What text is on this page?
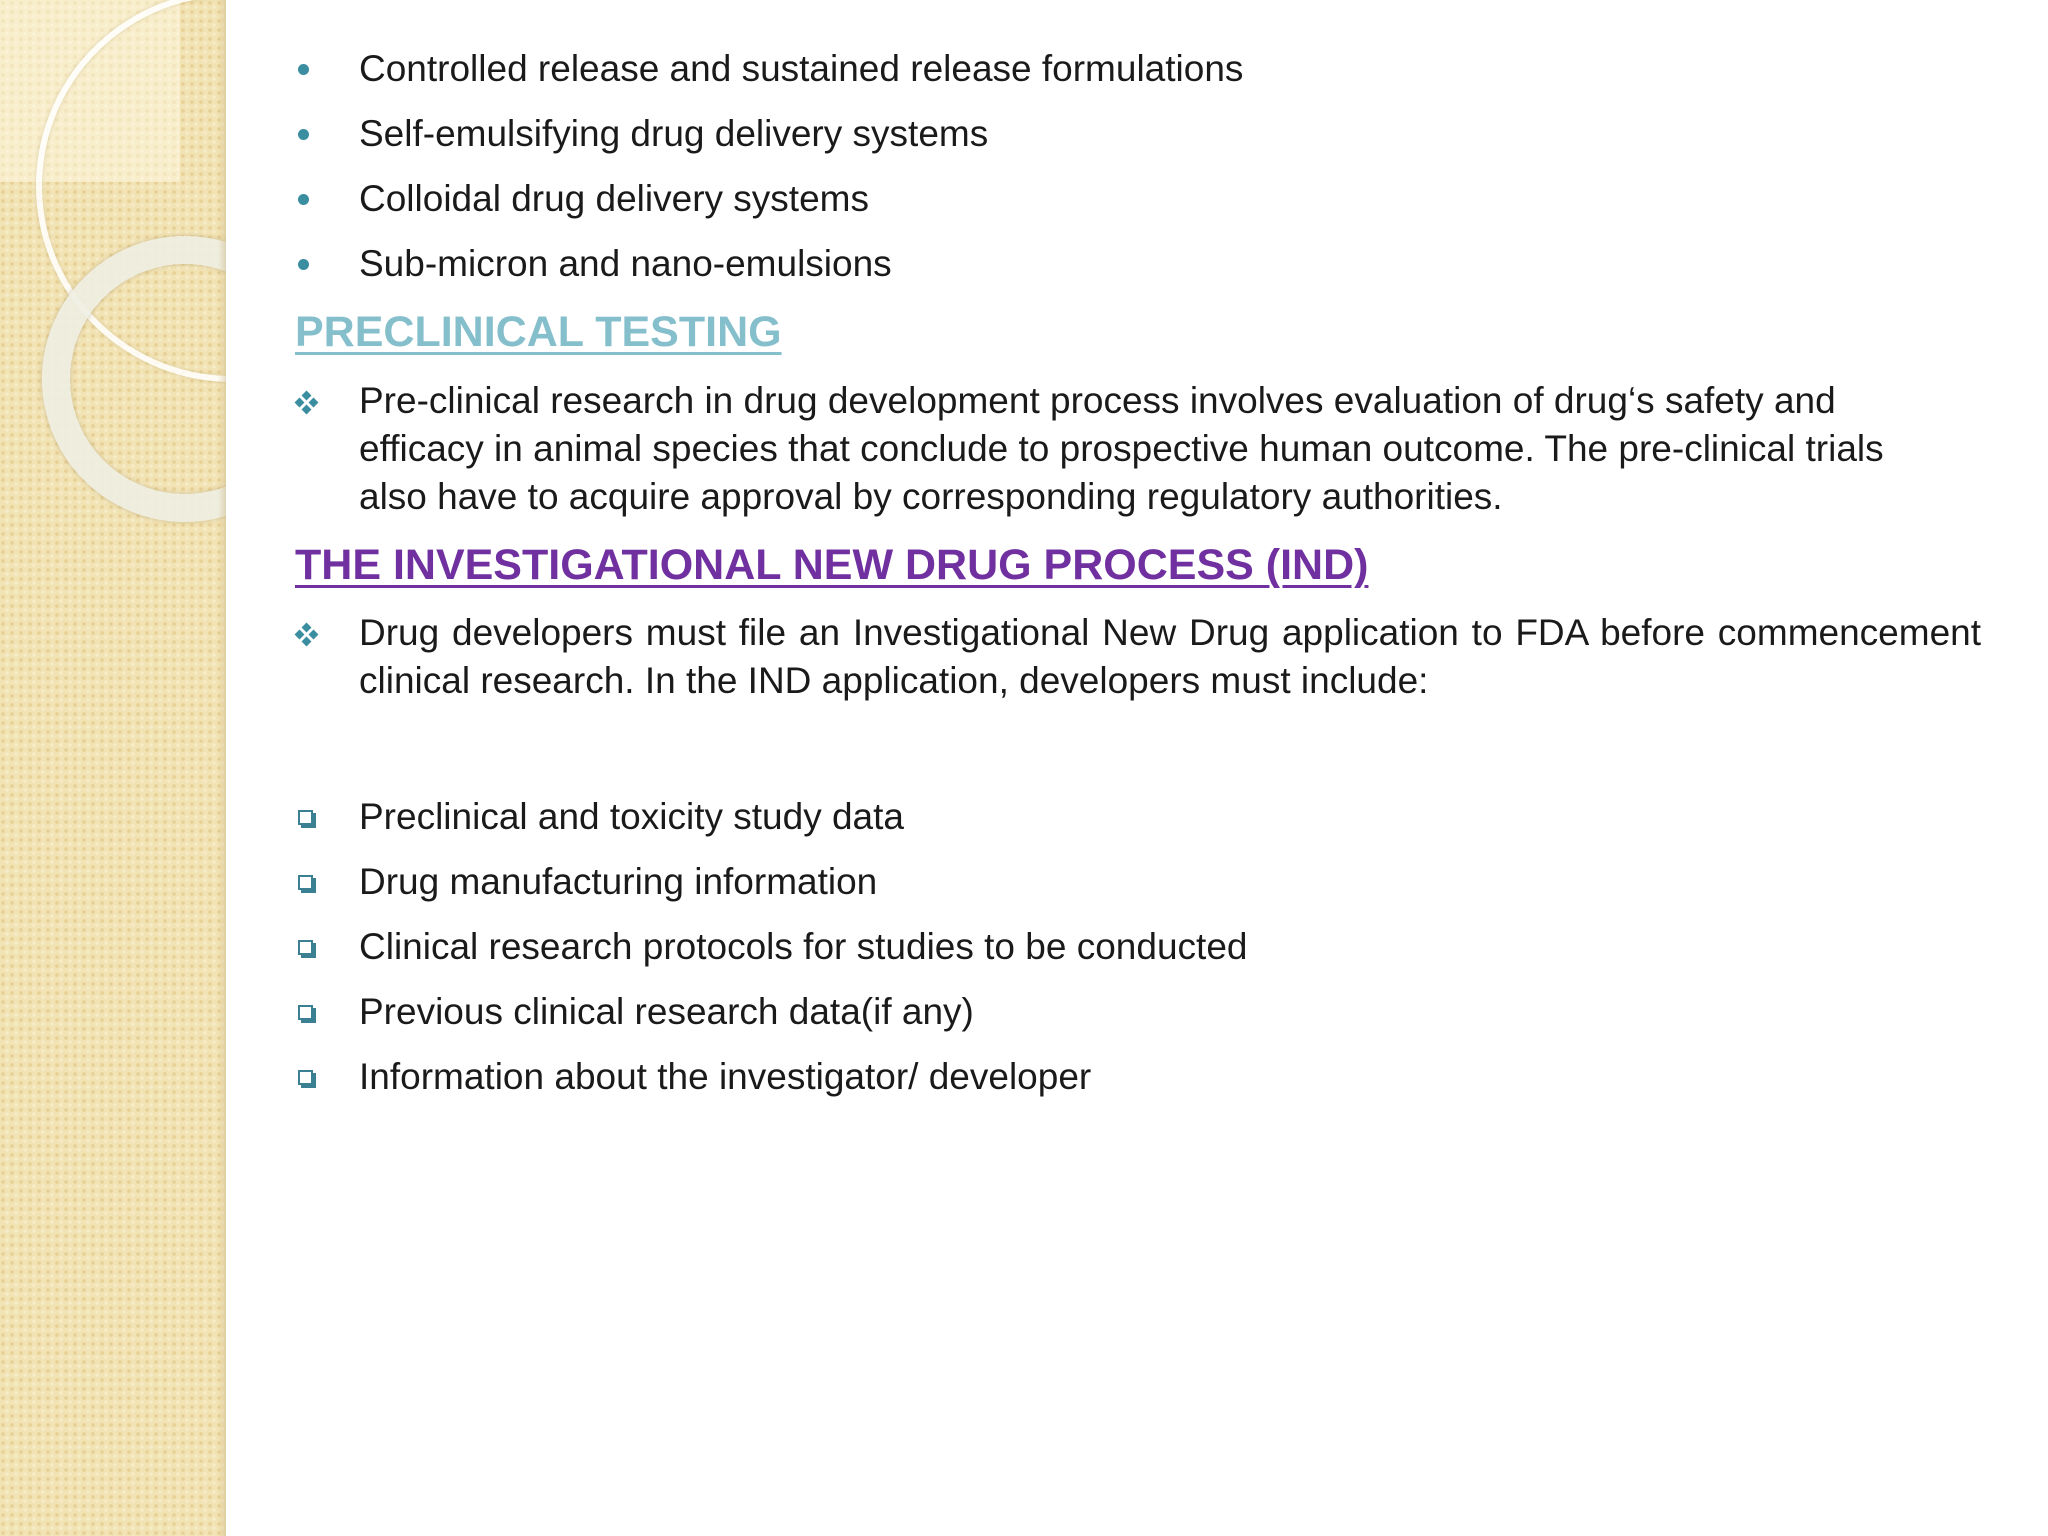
Controlled release and sustained release formulations
Self-emulsifying drug delivery systems
Colloidal drug delivery systems
Sub-micron and nano-emulsions
PRECLINICAL TESTING
Pre-clinical research in drug development process involves evaluation of drug‘s safety and efficacy in animal species that conclude to prospective human outcome. The pre-clinical trials also have to acquire approval by corresponding regulatory authorities.
THE INVESTIGATIONAL NEW DRUG PROCESS (IND)
Drug developers must file an Investigational New Drug application to FDA before commencement clinical research. In the IND application, developers must include:
Preclinical and toxicity study data
Drug manufacturing information
Clinical research protocols for studies to be conducted
Previous clinical research data(if any)
Information about the investigator/ developer
